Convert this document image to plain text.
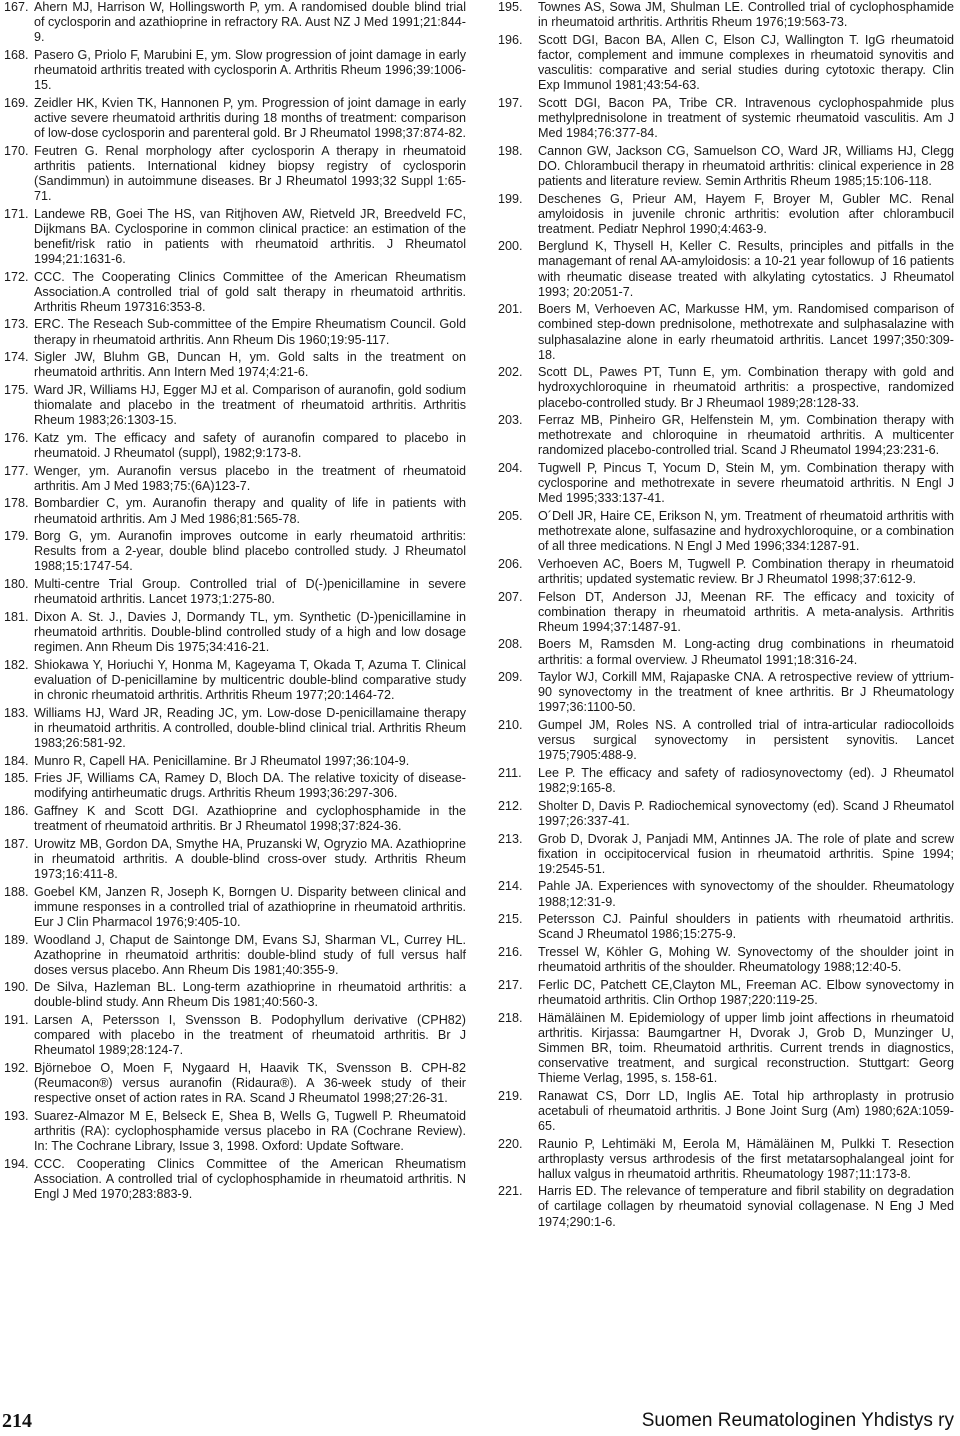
167. Ahern MJ, Harrison W, Hollingsworth P, ym. A randomised double blind trial of cyclosporin and azathioprine in refractory RA. Aust NZ J Med 1991;21:844-9.
168. Pasero G, Priolo F, Marubini E, ym. Slow progression of joint damage in early rheumatoid arthritis treated with cyclosporin A. Arthritis Rheum 1996;39:1006-15.
169. Zeidler HK, Kvien TK, Hannonen P, ym. Progression of joint damage in early active severe rheumatoid arthritis during 18 months of treatment: comparison of low-dose cyclosporin and parenteral gold. Br J Rheumatol 1998;37:874-82.
170. Feutren G. Renal morphology after cyclosporin A therapy in rheumatoid arthritis patients. International kidney biopsy registry of cyclosporin (Sandimmun) in autoimmune diseases. Br J Rheumatol 1993;32 Suppl 1:65-71.
171. Landewe RB, Goei The HS, van Ritjhoven AW, Rietveld JR, Breedveld FC, Dijkmans BA. Cyclosporine in common clinical practice: an estimation of the benefit/risk ratio in patients with rheumatoid arthritis. J Rheumatol 1994;21:1631-6.
172. CCC. The Cooperating Clinics Committee of the American Rheumatism Association.A controlled trial of gold salt therapy in rheumatoid arthritis. Arthritis Rheum 197316:353-8.
173. ERC. The Reseach Sub-committee of the Empire Rheumatism Council. Gold therapy in rheumatoid arthritis. Ann Rheum Dis 1960;19:95-117.
174. Sigler JW, Bluhm GB, Duncan H, ym. Gold salts in the treatment on rheumatoid arthritis. Ann Intern Med 1974;4:21-6.
175. Ward JR, Williams HJ, Egger MJ et al. Comparison of auranofin, gold sodium thiomalate and placebo in the treatment of rheumatoid arthritis. Arthritis Rheum 1983;26:1303-15.
176. Katz ym. The efficacy and safety of auranofin compared to placebo in rheumatoid. J Rheumatol (suppl), 1982;9:173-8.
177. Wenger, ym. Auranofin versus placebo in the treatment of rheumatoid arthritis. Am J Med 1983;75:(6A)123-7.
178. Bombardier C, ym. Auranofin therapy and quality of life in patients with rheumatoid arthritis. Am J Med 1986;81:565-78.
179. Borg G, ym. Auranofin improves outcome in early rheumatoid arthritis: Results from a 2-year, double blind placebo controlled study. J Rheumatol 1988;15:1747-54.
180. Multi-centre Trial Group. Controlled trial of D(-)penicillamine in severe rheumatoid arthritis. Lancet 1973;1:275-80.
181. Dixon A. St. J., Davies J, Dormandy TL, ym. Synthetic (D-)penicillamine in rheumatoid arthritis. Double-blind controlled study of a high and low dosage regimen. Ann Rheum Dis 1975;34:416-21.
182. Shiokawa Y, Horiuchi Y, Honma M, Kageyama T, Okada T, Azuma T. Clinical evaluation of D-penicillamine by multicentric double-blind comparative study in chronic rheumatoid arthritis. Arthritis Rheum 1977;20:1464-72.
183. Williams HJ, Ward JR, Reading JC, ym. Low-dose D-penicillamaine therapy in rheumatoid arthritis. A controlled, double-blind clinical trial. Arthritis Rheum 1983;26:581-92.
184. Munro R, Capell HA. Penicillamine. Br J Rheumatol 1997;36:104-9.
185. Fries JF, Williams CA, Ramey D, Bloch DA. The relative toxicity of disease-modifying antirheumatic drugs. Arthritis Rheum 1993;36:297-306.
186. Gaffney K and Scott DGI. Azathioprine and cyclophosphamide in the treatment of rheumatoid arthritis. Br J Rheumatol 1998;37:824-36.
187. Urowitz MB, Gordon DA, Smythe HA, Pruzanski W, Ogryzio MA. Azathioprine in rheumatoid arthritis. A double-blind cross-over study. Arthritis Rheum 1973;16:411-8.
188. Goebel KM, Janzen R, Joseph K, Borngen U. Disparity between clinical and immune responses in a controlled trial of azathioprine in rheumatoid arthritis. Eur J Clin Pharmacol 1976;9:405-10.
189. Woodland J, Chaput de Saintonge DM, Evans SJ, Sharman VL, Currey HL. Azathoprine in rheumatoid arthritis: double-blind study of full versus half doses versus placebo. Ann Rheum Dis 1981;40:355-9.
190. De Silva, Hazleman BL. Long-term azathioprine in rheumatoid arthritis: a double-blind study. Ann Rheum Dis 1981;40:560-3.
191. Larsen A, Petersson I, Svensson B. Podophyllum derivative (CPH82) compared with placebo in the treatment of rheumatoid arthritis. Br J Rheumatol 1989;28:124-7.
192. Björneboe O, Moen F, Nygaard H, Haavik TK, Svensson B. CPH-82 (Reumacon®) versus auranofin (Ridaura®). A 36-week study of their respective onset of action rates in RA. Scand J Rheumatol 1998;27:26-31.
193. Suarez-Almazor M E, Belseck E, Shea B, Wells G, Tugwell P. Rheumatoid arthritis (RA): cyclophosphamide versus placebo in RA (Cochrane Review). In: The Cochrane Library, Issue 3, 1998. Oxford: Update Software.
194. CCC. Cooperating Clinics Committee of the American Rheumatism Association. A controlled trial of cyclophosphamide in rheumatoid arthritis. N Engl J Med 1970;283:883-9.
195.	Townes AS, Sowa JM, Shulman LE. Controlled trial of cyclophosphamide in rheumatoid arthritis. Arthritis Rheum 1976;19:563-73.
196.	Scott DGI, Bacon BA, Allen C, Elson CJ, Wallington T. IgG rheumatoid factor, complement and immune complexes in rheumatoid synovitis and vasculitis: comparative and serial studies during cytotoxic therapy. Clin Exp Immunol 1981;43:54-63.
197.	Scott DGI, Bacon PA, Tribe CR. Intravenous cyclophospahmide plus methylprednisolone in treatment of systemic rheumatoid vasculitis. Am J Med 1984;76:377-84.
198.	Cannon GW, Jackson CG, Samuelson CO, Ward JR, Williams HJ, Clegg DO. Chlorambucil therapy in rheumatoid arthritis: clinical experience in 28 patients and literature review. Semin Arthritis Rheum 1985;15:106-118.
199.	Deschenes G, Prieur AM, Hayem F, Broyer M, Gubler MC. Renal amyloidosis in juvenile chronic arthritis: evolution after chlorambucil treatment. Pediatr Nephrol 1990;4:463-9.
200.	Berglund K, Thysell H, Keller C. Results, principles and pitfalls in the managemant of renal AA-amyloidosis: a 10-21 year followup of 16 patients with rheumatic disease treated with alkylating cytostatics. J Rheumatol 1993; 20:2051-7.
201.	Boers M, Verhoeven AC, Markusse HM, ym. Randomised comparison of combined step-down prednisolone, methotrexate and sulphasalazine with sulphasalazine alone in early rheumatoid arthritis. Lancet 1997;350:309-18.
202.	Scott DL, Pawes PT, Tunn E, ym. Combination therapy with gold and hydroxychloroquine in rheumatoid arthritis: a prospective, randomized placebo-controlled study. Br J Rheumaol 1989;28:128-33.
203.	Ferraz MB, Pinheiro GR, Helfenstein M, ym. Combination therapy with methotrexate and chloroquine in rheumatoid arthritis. A multicenter randomized placebo-controlled trial. Scand J Rheumatol 1994;23:231-6.
204.	Tugwell P, Pincus T, Yocum D, Stein M, ym. Combination therapy with cyclosporine and methotrexate in severe rheumatoid arthritis. N Engl J Med 1995;333:137-41.
205.	O´Dell JR, Haire CE, Erikson N, ym. Treatment of rheumatoid arthritis with methotrexate alone, sulfasazine and hydroxychloroquine, or a combination of all three medications. N Engl J Med 1996;334:1287-91.
206.	Verhoeven AC, Boers M, Tugwell P. Combination therapy in rheumatoid arthritis; updated systematic review. Br J Rheumatol 1998;37:612-9.
207.	Felson DT, Anderson JJ, Meenan RF. The efficacy and toxicity of combination therapy in rheumatoid arthritis. A meta-analysis. Arthritis Rheum 1994;37:1487-91.
208.	Boers M, Ramsden M. Long-acting drug combinations in rheumatoid arthritis: a formal overview. J Rheumatol 1991;18:316-24.
209.	Taylor WJ, Corkill MM, Rajapaske CNA. A retrospective review of yttrium-90 synovectomy in the treatment of knee arthritis. Br J Rheumatology 1997;36:1100-50.
210.	Gumpel JM, Roles NS. A controlled trial of intra-articular radiocolloids versus surgical synovectomy in persistent synovitis. Lancet 1975;7905:488-9.
211.	Lee P. The efficacy and safety of radiosynovectomy (ed). J Rheumatol 1982;9:165-8.
212.	Sholter D, Davis P. Radiochemical synovectomy (ed). Scand J Rheumatol 1997;26:337-41.
213.	Grob D, Dvorak J, Panjadi MM, Antinnes JA. The role of plate and screw fixation in occipitocervical fusion in rheumatoid arthritis. Spine 1994; 19:2545-51.
214.	Pahle JA. Experiences with synovectomy of the shoulder. Rheumatology 1988;12:31-9.
215.	Petersson CJ. Painful shoulders in patients with rheumatoid arthritis. Scand J Rheumatol 1986;15:275-9.
216.	Tressel W, Köhler G, Mohing W. Synovectomy of the shoulder joint in rheumatoid arthritis of the shoulder. Rheumatology 1988;12:40-5.
217.	Ferlic DC, Patchett CE,Clayton ML, Freeman AC. Elbow synovectomy in rheumatoid arthritis. Clin Orthop 1987;220:119-25.
218.	Hämäläinen M. Epidemiology of upper limb joint affections in rheumatoid arthritis. Kirjassa: Baumgartner H, Dvorak J, Grob D, Munzinger U, Simmen BR, toim. Rheumatoid arthritis. Current trends in diagnostics, conservative treatment, and surgical reconstruction. Stuttgart: Georg Thieme Verlag, 1995, s. 158-61.
219.	Ranawat CS, Dorr LD, Inglis AE. Total hip arthroplasty in protrusio acetabuli of rheumatoid arthritis. J Bone Joint Surg (Am) 1980;62A:1059-65.
220.	Raunio P, Lehtimäki M, Eerola M, Hämäläinen M, Pulkki T. Resection arthroplasty versus arthrodesis of the first metatarsophalangeal joint for hallux valgus in rheumatoid arthritis. Rheumatology 1987;11:173-8.
221.	Harris ED. The relevance of temperature and fibril stability on degradation of cartilage collagen by rheumatoid synovial collagenase. N Eng J Med 1974;290:1-6.
214	Suomen Reumatologinen Yhdistys ry
